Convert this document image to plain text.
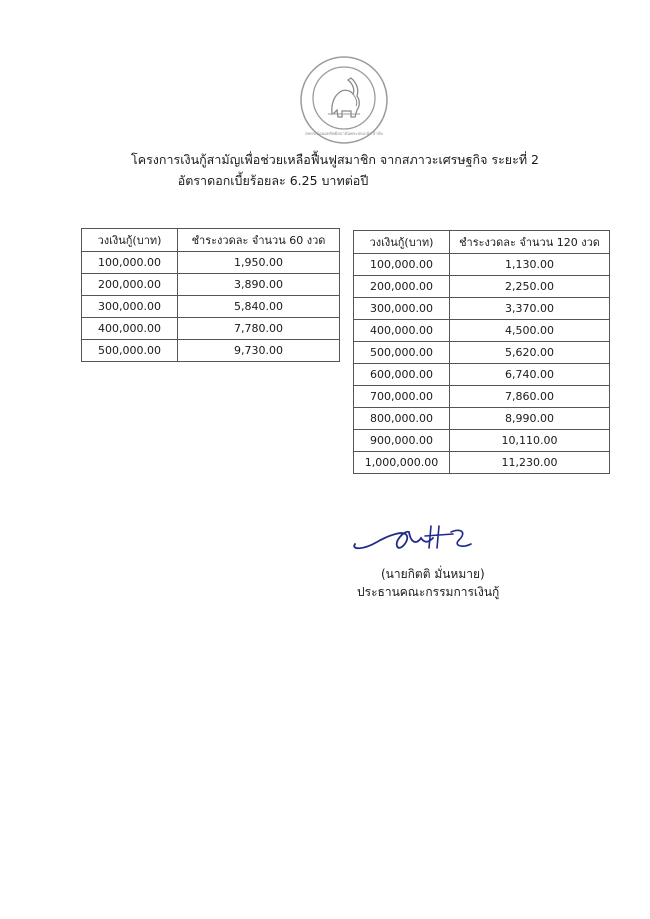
สหกรณ์ออมทรัพย์สถาบันพระปกเกล้า จำกัด
โครงการเงินกู้สามัญเพื่อช่วยเหลือฟื้นฟูสมาชิก จากสภาวะเศรษฐกิจ ระยะที่ 2
อัตราดอกเบี้ยร้อยละ 6.25 บาทต่อปี
วงเงินกู้(บาท)	ชำระงวดละ จำนวน 60 งวด
100,000.00	1,950.00
200,000.00	3,890.00
300,000.00	5,840.00
400,000.00	7,780.00
500,000.00	9,730.00
วงเงินกู้(บาท)	ชำระงวดละ จำนวน 120 งวด
100,000.00	1,130.00
200,000.00	2,250.00
300,000.00	3,370.00
400,000.00	4,500.00
500,000.00	5,620.00
600,000.00	6,740.00
700,000.00	7,860.00
800,000.00	8,990.00
900,000.00	10,110.00
1,000,000.00	11,230.00
(นายกิตติ มั่นหมาย)
ประธานคณะกรรมการเงินกู้
